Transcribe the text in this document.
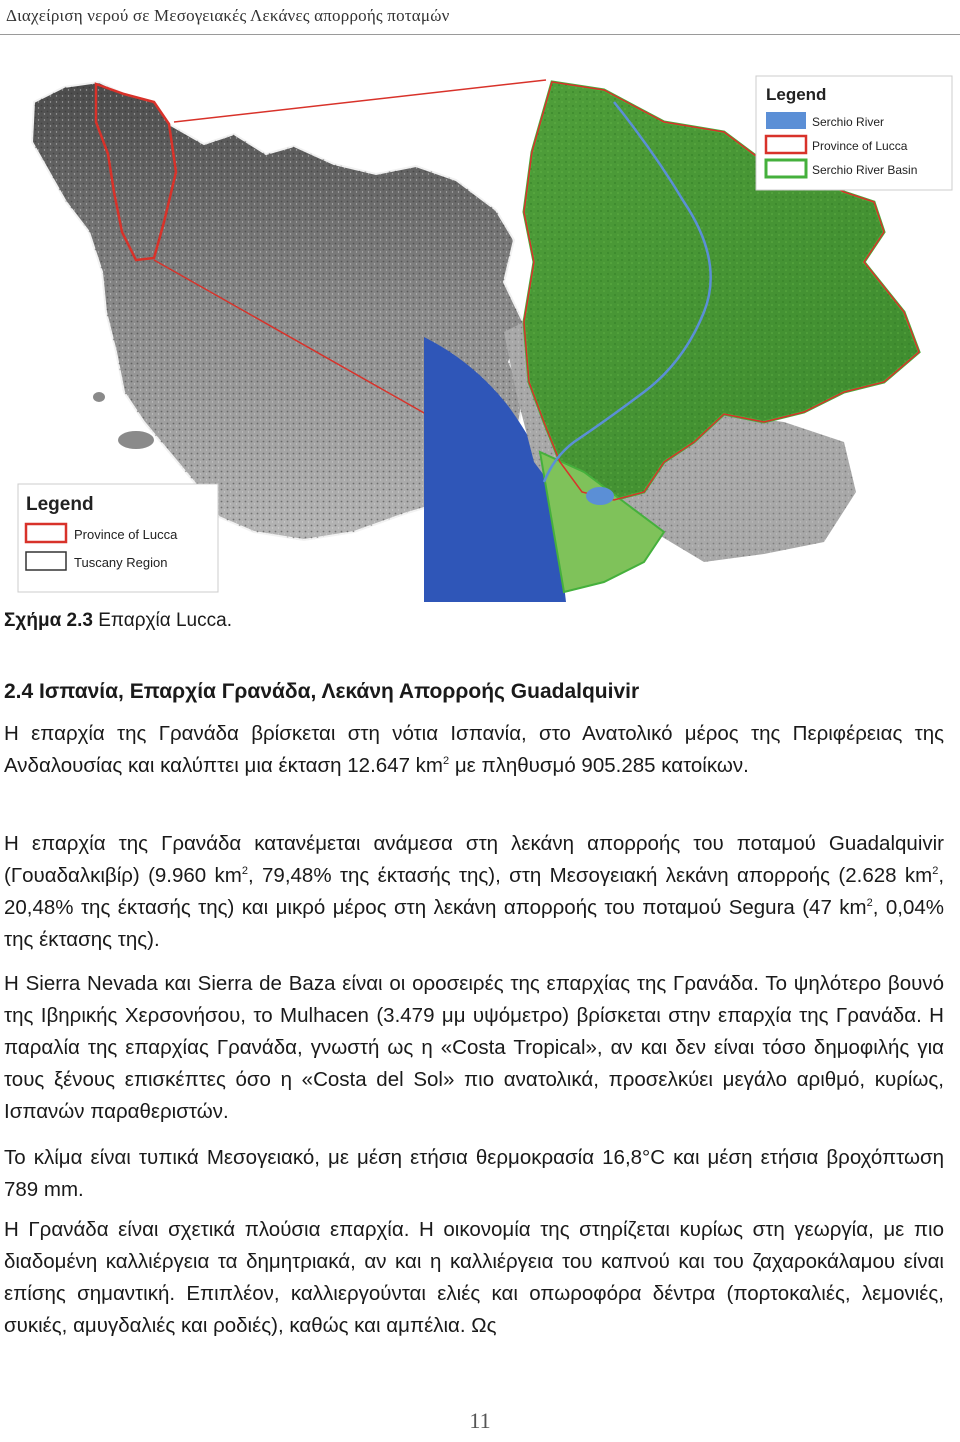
Διαχείριση νερού σε Μεσογειακές Λεκάνες απορροής ποταμών
Legend
Province of Lucca
Tuscany Region
Legend
Serchio River
Province of Lucca
Serchio River Basin
Σχήμα 2.3 Επαρχία Lucca.
2.4 Ισπανία, Επαρχία Γρανάδα, Λεκάνη Απορροής Guadalquivir
Η επαρχία της Γρανάδα βρίσκεται στη νότια Ισπανία, στο Ανατολικό μέρος της Περιφέρειας της Ανδαλουσίας και καλύπτει μια έκταση 12.647 $km^2$ με πληθυσμό 905.285 κατοίκων.
Η επαρχία της Γρανάδα κατανέμεται ανάμεσα στη λεκάνη απορροής του ποταμού Guadalquivir (Γουαδαλκιβίρ) (9.960 $km^2$, 79,48% της έκτασής της), στη Μεσογειακή λεκάνη απορροής (2.628 $km^2$, 20,48% της έκτασής της) και μικρό μέρος στη λεκάνη απορροής του ποταμού Segura (47 $km^2$, 0,04% της έκτασης της).
Η Sierra Nevada και Sierra de Baza είναι οι οροσειρές της επαρχίας της Γρανάδα. Το ψηλότερο βουνό της Ιβηρικής Χερσονήσου, το Mulhacen (3.479 μμ υψόμετρο) βρίσκεται στην επαρχία της Γρανάδα. Η παραλία της επαρχίας Γρανάδα, γνωστή ως η «Costa Tropical», αν και δεν είναι τόσο δημοφιλής για τους ξένους επισκέπτες όσο η «Costa del Sol» πιο ανατολικά, προσελκύει μεγάλο αριθμό, κυρίως, Ισπανών παραθεριστών.
Το κλίμα είναι τυπικά Μεσογειακό, με μέση ετήσια θερμοκρασία 16,8°C και μέση ετήσια βροχόπτωση 789 mm.
Η Γρανάδα είναι σχετικά πλούσια επαρχία. Η οικονομία της στηρίζεται κυρίως στη γεωργία, με πιο διαδομένη καλλιέργεια τα δημητριακά, αν και η καλλιέργεια του καπνού και του ζαχαροκάλαμου είναι επίσης σημαντική. Επιπλέον, καλλιεργούνται ελιές και οπωροφόρα δέντρα (πορτοκαλιές, λεμονιές, συκιές, αμυγδαλιές και ροδιές), καθώς και αμπέλια. Ως
11
